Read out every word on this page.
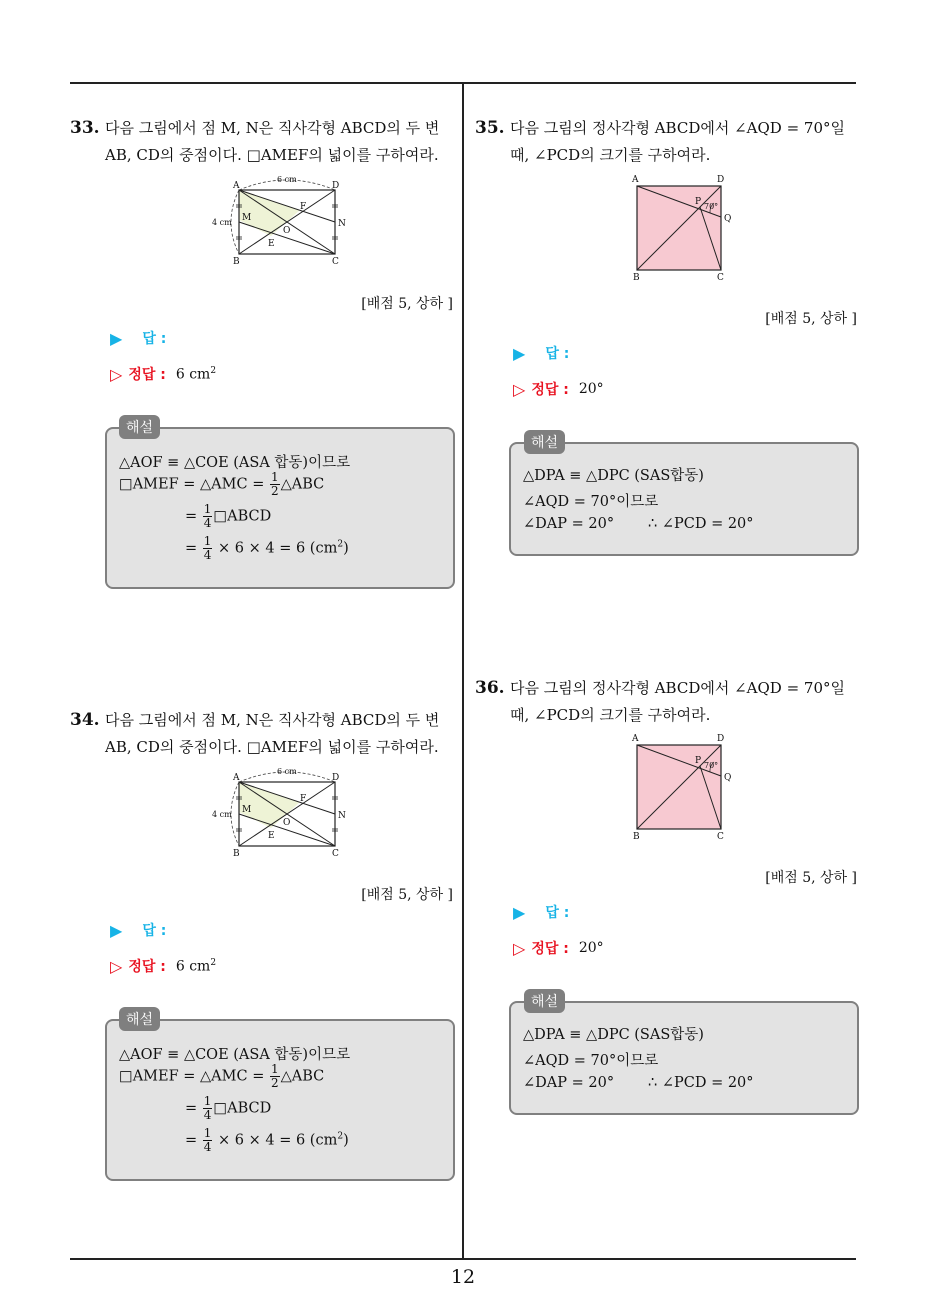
33. 다음 그림에서 점 M, N은 직사각형 ABCD의 두 변
AB, CD의 중점이다. □AMEF의 넓이를 구하여라.
A
B	C
D
M
N
E
F
O
6 cm
4 cm
[배점 5, 상하 ]
▶ 답 :
▷ 정답 : 6 $cm^2$
△AOF ≡ △COE (ASA 합동)이므로
□AMEF = △AMC = $\frac{1}{2}$ △ABC
= $\frac{1}{4}$ □ABCD
= $\frac{1}{4} \times 6 \times 4 = 6$ $(cm^2)$
해설
34. 다음 그림에서 점 M, N은 직사각형 ABCD의 두 변
AB, CD의 중점이다. □AMEF의 넓이를 구하여라.
A
B	C
D
M
N
E
F
O
6 cm
4 cm
[배점 5, 상하 ]
▶ 답 :
▷ 정답 : 6 $cm^2$
△AOF ≡ △COE (ASA 합동)이므로
□AMEF = △AMC = $\frac{1}{2}$ △ABC
= $\frac{1}{4}$ □ABCD
= $\frac{1}{4} \times 6 \times 4 = 6$ $(cm^2)$
해설
35. 다음 그림의 정사각형 ABCD에서 ∠AQD = 70°일
때, ∠PCD의 크기를 구하여라.
A	D
B	C
P
Q
70°
[배점 5, 상하 ]
▶ 답 :
▷ 정답 : 20°
△DPA ≡ △DPC (SAS합동)
∠AQD = 70°이므로
∠DAP = 20° ∴ ∠PCD = 20°
해설
36. 다음 그림의 정사각형 ABCD에서 ∠AQD = 70°일
때, ∠PCD의 크기를 구하여라.
A	D
B	C
P
Q
70°
[배점 5, 상하 ]
▶ 답 :
▷ 정답 : 20°
△DPA ≡ △DPC (SAS합동)
∠AQD = 70°이므로
∠DAP = 20° ∴ ∠PCD = 20°
해설
12
